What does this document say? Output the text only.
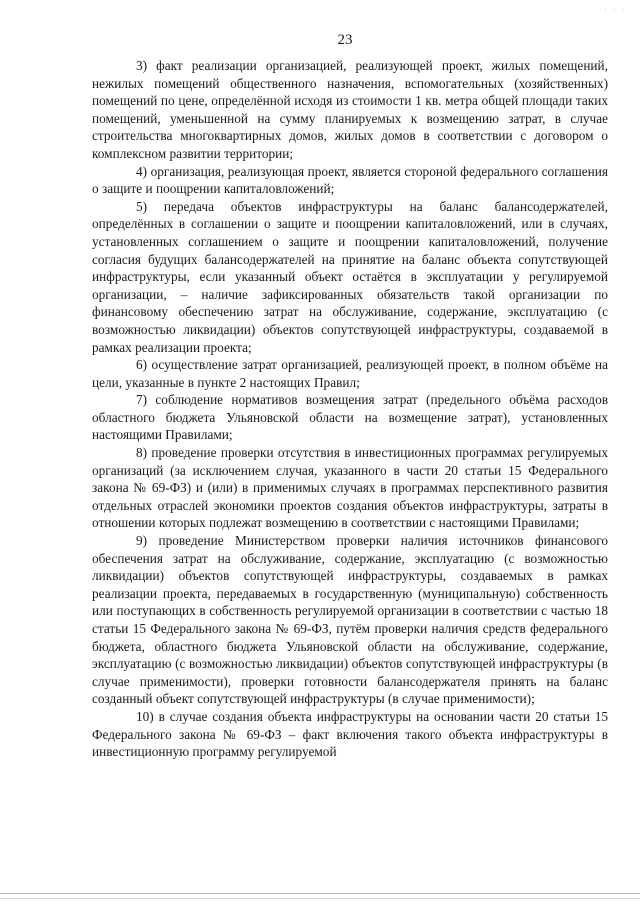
· · ·
23

3) факт реализации организацией, реализующей проект, жилых помещений, нежилых помещений общественного назначения, вспомогательных (хозяйственных) помещений по цене, определённой исходя из стоимости 1 кв. метра общей площади таких помещений, уменьшенной на сумму планируемых к возмещению затрат, в случае строительства многоквартирных домов, жилых домов в соответствии с договором о комплексном развитии территории;

4) организация, реализующая проект, является стороной федерального соглашения о защите и поощрении капиталовложений;

5) передача объектов инфраструктуры на баланс балансодержателей, определённых в соглашении о защите и поощрении капиталовложений, или в случаях, установленных соглашением о защите и поощрении капиталовложений, получение согласия будущих балансодержателей на принятие на баланс объекта сопутствующей инфраструктуры, если указанный объект остаётся в эксплуатации у регулируемой организации, – наличие зафиксированных обязательств такой организации по финансовому обеспечению затрат на обслуживание, содержание, эксплуатацию (с возможностью ликвидации) объектов сопутствующей инфраструктуры, создаваемой в рамках реализации проекта;

6) осуществление затрат организацией, реализующей проект, в полном объёме на цели, указанные в пункте 2 настоящих Правил;

7) соблюдение нормативов возмещения затрат (предельного объёма расходов областного бюджета Ульяновской области на возмещение затрат), установленных настоящими Правилами;

8) проведение проверки отсутствия в инвестиционных программах регулируемых организаций (за исключением случая, указанного в части 20 статьи 15 Федерального закона № 69-ФЗ) и (или) в применимых случаях в программах перспективного развития отдельных отраслей экономики проектов создания объектов инфраструктуры, затраты в отношении которых подлежат возмещению в соответствии с настоящими Правилами;

9) проведение Министерством проверки наличия источников финансового обеспечения затрат на обслуживание, содержание, эксплуатацию (с возможностью ликвидации) объектов сопутствующей инфраструктуры, создаваемых в рамках реализации проекта, передаваемых в государственную (муниципальную) собственность или поступающих в собственность регулируемой организации в соответствии с частью 18 статьи 15 Федерального закона № 69-ФЗ, путём проверки наличия средств федерального бюджета, областного бюджета Ульяновской области на обслуживание, содержание, эксплуатацию (с возможностью ликвидации) объектов сопутствующей инфраструктуры (в случае применимости), проверки готовности балансодержателя принять на баланс созданный объект сопутствующей инфраструктуры (в случае применимости);

10) в случае создания объекта инфраструктуры на основании части 20 статьи 15 Федерального закона № 69-ФЗ – факт включения такого объекта инфраструктуры в инвестиционную программу регулируемой
